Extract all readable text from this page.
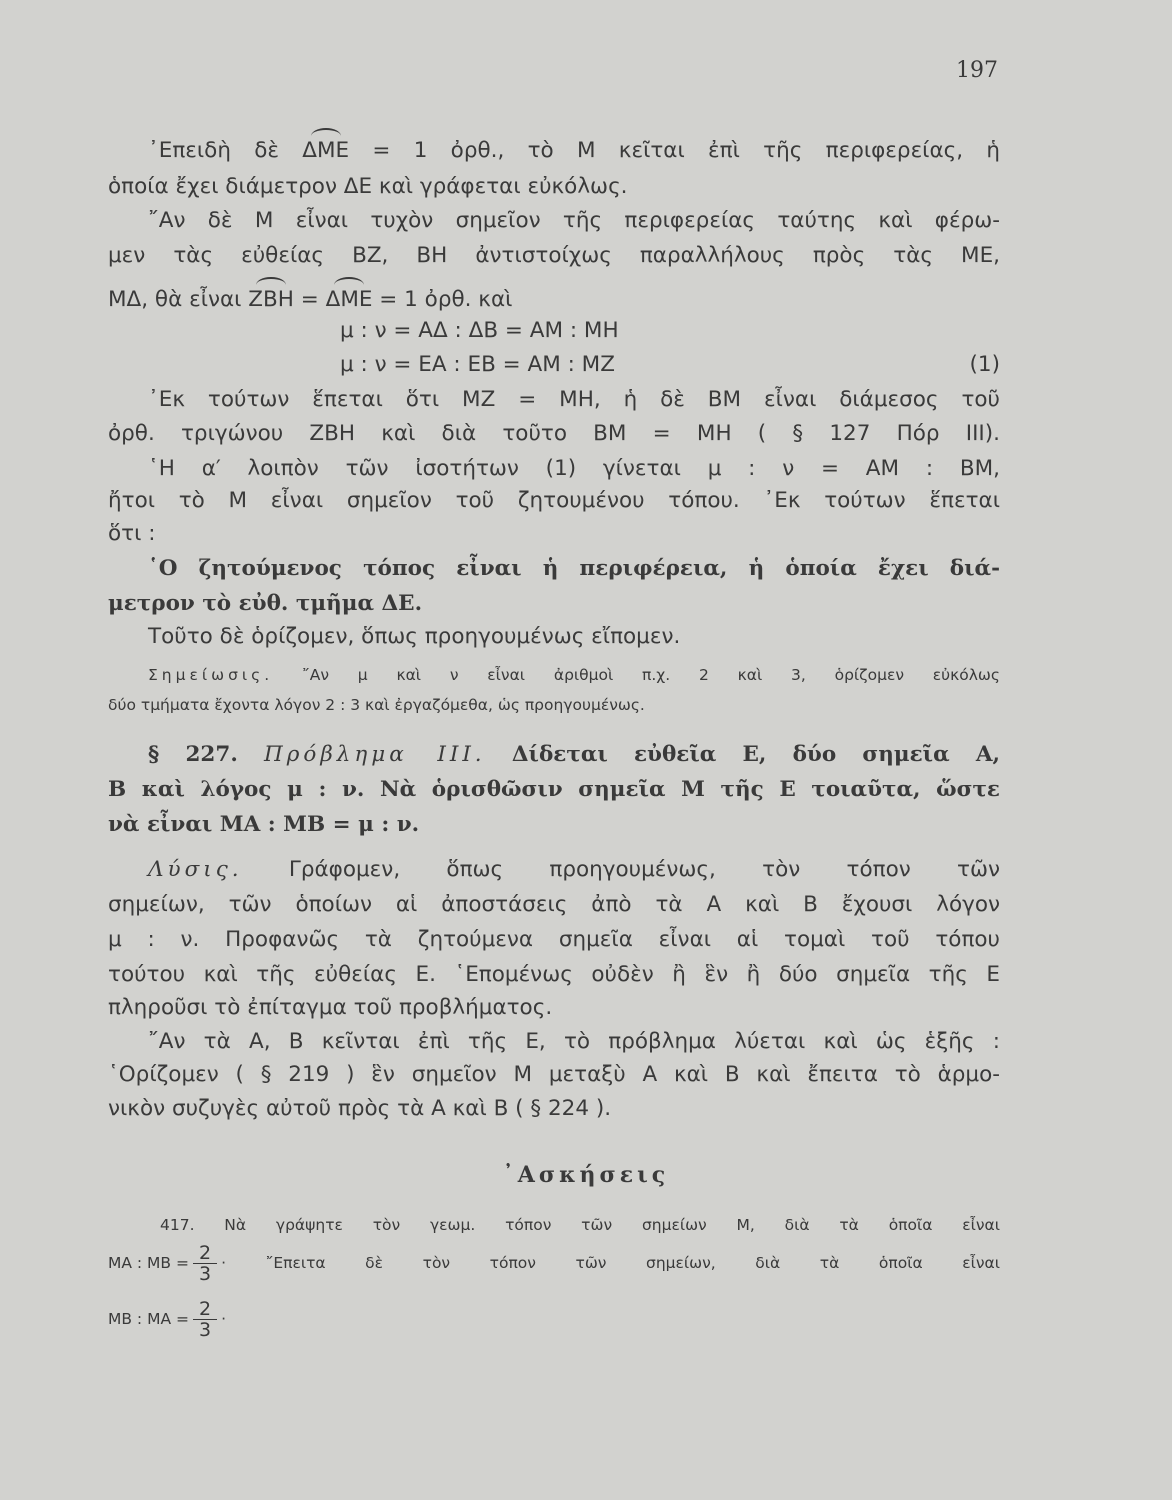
197
᾽Επειδὴ δὲ ΔΜΕ = 1 ὀρθ., τὸ Μ κεῖται ἐπὶ τῆς περιφερείας, ἡ
ὁποία ἔχει διάμετρον ΔΕ καὶ γράφεται εὐκόλως.
῎Αν δὲ Μ εἶναι τυχὸν σημεῖον τῆς περιφερείας ταύτης καὶ φέρω-
μεν τὰς εὐθείας ΒΖ, ΒΗ ἀντιστοίχως παραλλήλους πρὸς τὰς ΜΕ,
ΜΔ, θὰ εἶναι ΖΒΗ = ΔΜΕ = 1 ὀρθ. καὶ
μ : ν = ΑΔ : ΔΒ = ΑΜ : ΜΗ
μ : ν = ΕΑ : ΕΒ = ΑΜ : ΜΖ	(1)
᾽Εκ τούτων ἕπεται ὅτι ΜΖ = ΜΗ, ἡ δὲ ΒΜ εἶναι διάμεσος τοῦ
ὀρθ. τριγώνου ΖΒΗ καὶ διὰ τοῦτο ΒΜ = ΜΗ ( § 127 Πόρ ΙΙΙ).
῾Η α′ λοιπὸν τῶν ἰσοτήτων (1) γίνεται μ : ν = ΑΜ : ΒΜ,
ἤτοι τὸ Μ εἶναι σημεῖον τοῦ ζητουμένου τόπου. ᾽Εκ τούτων ἕπεται
ὅτι :
῾Ο ζητούμενος τόπος εἶναι ἡ περιφέρεια, ἡ ὁποία ἔχει διά-
μετρον τὸ εὐθ. τμῆμα ΔΕ.
Τοῦτο δὲ ὁρίζομεν, ὅπως προηγουμένως εἴπομεν.
Σημείωσις. ῎Αν μ καὶ ν εἶναι ἀριθμοὶ π.χ. 2 καὶ 3, ὁρίζομεν εὐκόλως
δύο τμήματα ἔχοντα λόγον 2 : 3 καὶ ἐργαζόμεθα, ὡς προηγουμένως.
§ 227. Πρόβλημα ΙΙΙ. Δίδεται εὐθεῖα Ε, δύο σημεῖα Α,
Β καὶ λόγος μ : ν. Νὰ ὁρισθῶσιν σημεῖα Μ τῆς Ε τοιαῦτα, ὥστε
νὰ εἶναι ΜΑ : ΜΒ = μ : ν.
Λύσις. Γράφομεν, ὅπως προηγουμένως, τὸν τόπον τῶν
σημείων, τῶν ὁποίων αἱ ἀποστάσεις ἀπὸ τὰ Α καὶ Β ἔχουσι λόγον
μ : ν. Προφανῶς τὰ ζητούμενα σημεῖα εἶναι αἱ τομαὶ τοῦ τόπου
τούτου καὶ τῆς εὐθείας Ε. ῾Επομένως οὐδὲν ἢ ἓν ἢ δύο σημεῖα τῆς Ε
πληροῦσι τὸ ἐπίταγμα τοῦ προβλήματος.
῎Αν τὰ Α, Β κεῖνται ἐπὶ τῆς Ε, τὸ πρόβλημα λύεται καὶ ὡς ἑξῆς :
῾Ορίζομεν ( § 219 ) ἓν σημεῖον Μ μεταξὺ Α καὶ Β καὶ ἔπειτα τὸ ἁρμο-
νικὸν συζυγὲς αὐτοῦ πρὸς τὰ Α καὶ Β ( § 224 ).
᾽Ασκήσεις
417. Νὰ γράψητε τὸν γεωμ. τόπον τῶν σημείων Μ, διὰ τὰ ὁποῖα εἶναι
ΜΑ : $MB = \frac{2}{3}$ · ῎Επειτα δὲ τὸν τόπον τῶν σημείων, διὰ τὰ ὁποῖα εἶναι
ΜΒ : $MA = \frac{2}{3}$ ·
